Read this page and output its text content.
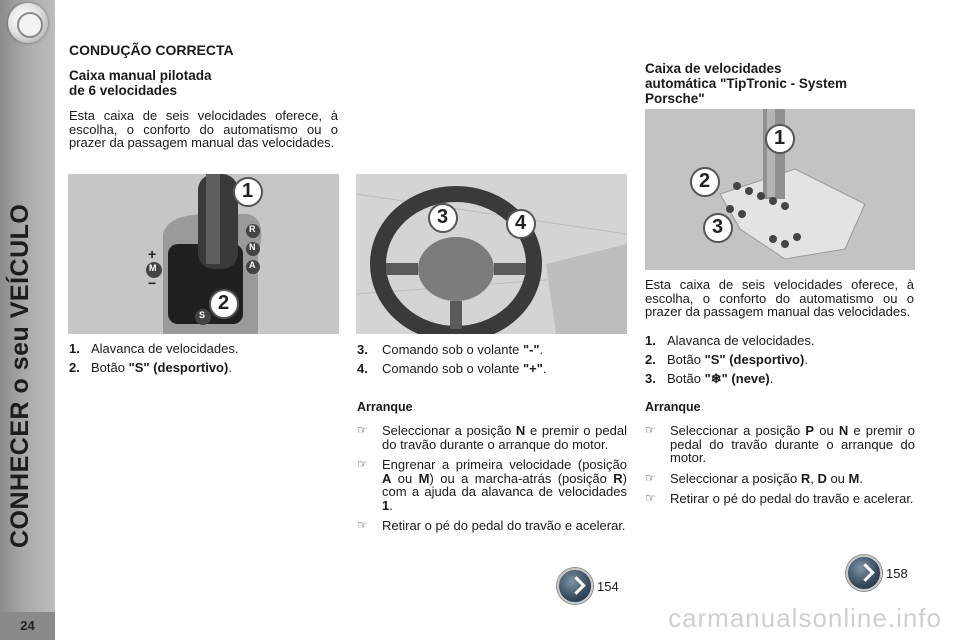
CONHECER o seu VEÍCULO
24
CONDUÇÃO CORRECTA
Caixa manual pilotada
de 6 velocidades
Esta caixa de seis velocidades oferece, à escolha, o conforto do automatismo ou o prazer da passagem manual das velocidades.
1
2
R
N
A
M
S
+
−
3	4
1. Alavanca de velocidades.
2. Botão "S" (desportivo).
3.	Comando sob o volante "-".
4.	Comando sob o volante "+".
Arranque
☞	Seleccionar a posição N e premir o pedal do travão durante o arranque do motor.
☞	Engrenar a primeira velocidade (posição A ou M) ou a marcha-atrás (posição R) com a ajuda da alavanca de velocidades 1.
☞	Retirar o pé do pedal do travão e acelerar.
154
Caixa de velocidades
automática "TipTronic - System
Porsche"
1
2
3
Esta caixa de seis velocidades oferece, à escolha, o conforto do automatismo ou o prazer da passagem manual das velocidades.
1. Alavanca de velocidades.
2. Botão "S" (desportivo).
3. Botão "❄" (neve).
Arranque
☞	Seleccionar a posição P ou N e premir o pedal do travão durante o arranque do motor.
☞	Seleccionar a posição R, D ou M.
☞	Retirar o pé do pedal do travão e acelerar.
158
carmanualsonline.info
